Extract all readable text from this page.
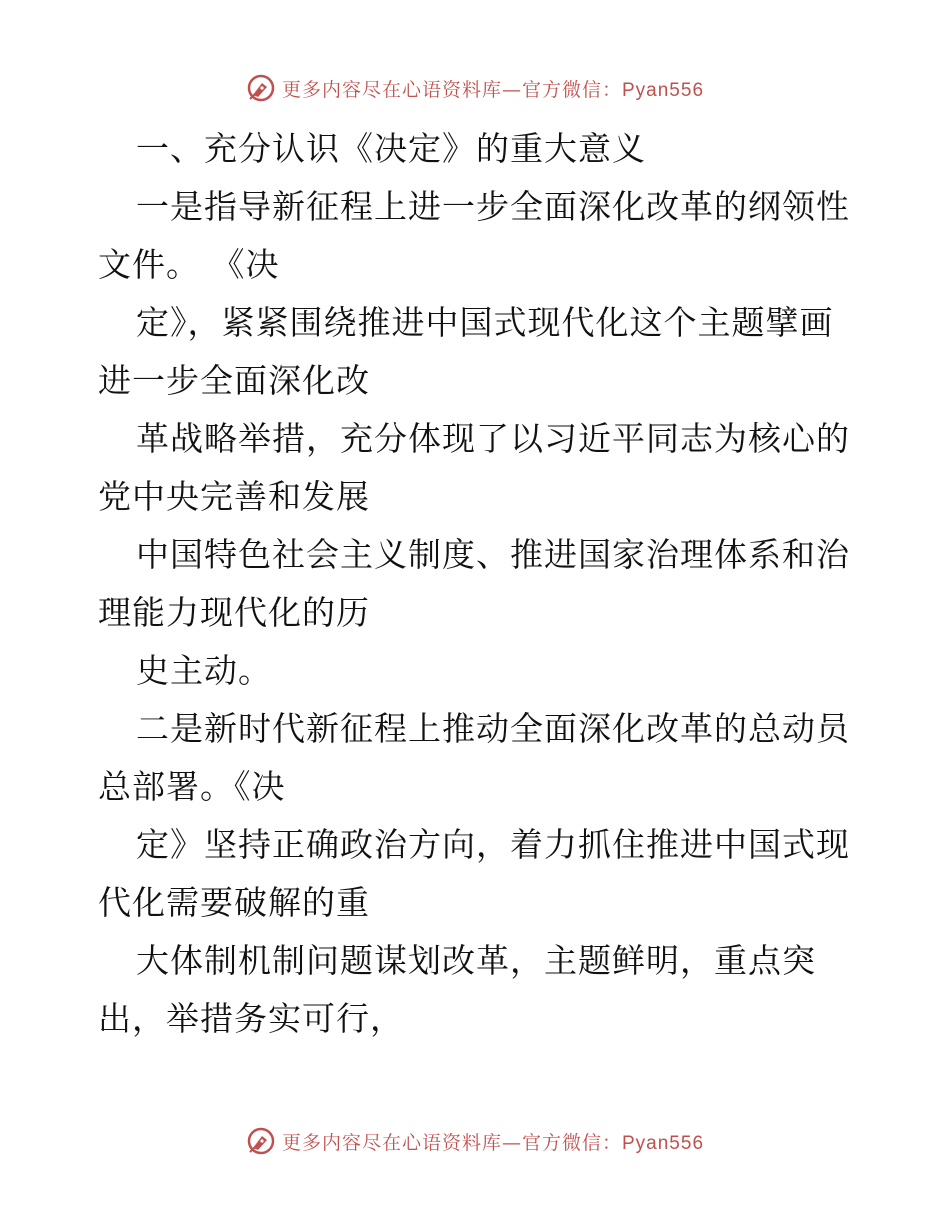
更多内容尽在心语资料库—官方微信：Pyan556
一、充分认识《决定》的重大意义
一是指导新征程上进一步全面深化改革的纲领性
文件。 《决
定》，紧紧围绕推进中国式现代化这个主题擘画
进一步全面深化改
革战略举措，充分体现了以习近平同志为核心的
党中央完善和发展
中国特色社会主义制度、推进国家治理体系和治
理能力现代化的历
史主动。
二是新时代新征程上推动全面深化改革的总动员
总部署。《决
定》坚持正确政治方向，着力抓住推进中国式现
代化需要破解的重
大体制机制问题谋划改革，主题鲜明，重点突
出，举措务实可行，
更多内容尽在心语资料库—官方微信：Pyan556
